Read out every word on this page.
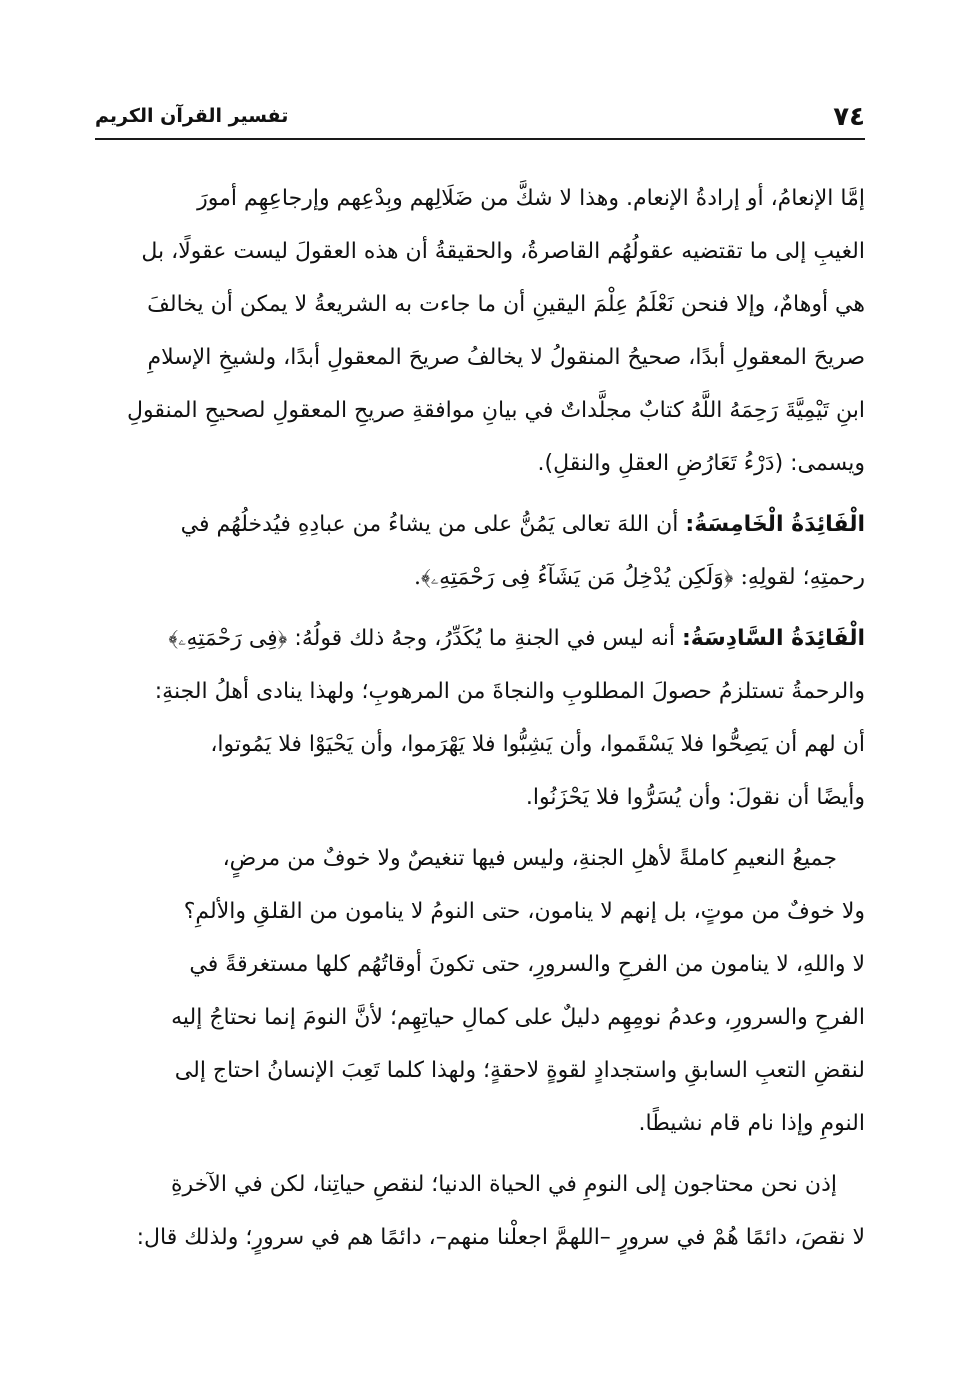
٧٤
تفسير القرآن الكريم

إمَّا الإنعامُ، أو إرادةُ الإنعام. وهذا لا شكَّ من ضَلَالِهم وبِدْعِهم وإرجاعِهِم أمورَ
الغيبِ إلى ما تقتضيه عقولُهُم القاصرةُ، والحقيقةُ أن هذه العقولَ ليست عقولًا، بل
هي أوهامٌ، وإلا فنحن نَعْلَمُ عِلْمَ اليقينِ أن ما جاءت به الشريعةُ لا يمكن أن يخالفَ
صريحَ المعقولِ أبدًا، صحيحُ المنقولُ لا يخالفُ صريحَ المعقولِ أبدًا، ولشيخِ الإسلامِ
ابنِ تَيْمِيَّةَ رَحِمَهُ اللَّهُ كتابٌ مجلَّداتٌ في بيانِ موافقةِ صريحِ المعقولِ لصحيحِ المنقولِ
ويسمى: (دَرْءُ تَعَارُضِ العقلِ والنقلِ).

الْفَائِدَةُ الْخَامِسَةُ: أن اللهَ تعالى يَمُنُّ على من يشاءُ من عبادِهِ فيُدخلُهُم في
رحمتِهِ؛ لقولِهِ: ﴿وَلَكِن يُدْخِلُ مَن يَشَآءُ فِى رَحْمَتِهِۦ﴾.

الْفَائِدَةُ السَّادِسَةُ: أنه ليس في الجنةِ ما يُكَدِّرُ، وجهُ ذلك قولُهُ: ﴿فِى رَحْمَتِهِۦ﴾
والرحمةُ تستلزمُ حصولَ المطلوبِ والنجاةَ من المرهوبِ؛ ولهذا ينادى أهلُ الجنةِ:
أن لهم أن يَصِحُّوا فلا يَسْقَموا، وأن يَشِبُّوا فلا يَهْرَموا، وأن يَحْيَوْا فلا يَمُوتوا،
وأيضًا أن نقولَ: وأن يُسَرُّوا فلا يَحْزَنُوا.

جميعُ النعيمِ كاملةً لأهلِ الجنةِ، وليس فيها تنغيصٌ ولا خوفٌ من مرضٍ،
ولا خوفٌ من موتٍ، بل إنهم لا ينامون، حتى النومُ لا ينامون من القلقِ والألمِ؟
لا واللهِ، لا ينامون من الفرحِ والسرورِ، حتى تكونَ أوقاتُهُم كلها مستغرقةً في
الفرحِ والسرورِ، وعدمُ نومِهِم دليلٌ على كمالِ حياتِهِم؛ لأنَّ النومَ إنما نحتاجُ إليه
لنقضِ التعبِ السابقِ واستجدادٍ لقوةٍ لاحقةٍ؛ ولهذا كلما تَعِبَ الإنسانُ احتاج إلى
النومِ وإذا نام قام نشيطًا.

إذن نحن محتاجون إلى النومِ في الحياة الدنيا؛ لنقصِ حياتِنا، لكن في الآخرةِ
لا نقصَ، دائمًا هُمْ في سرورٍ –اللهمَّ اجعلْنا منهم–، دائمًا هم في سرورٍ؛ ولذلك قال:
